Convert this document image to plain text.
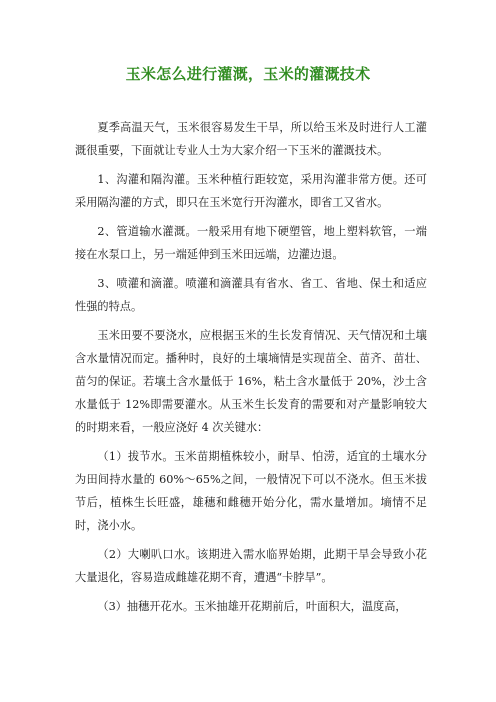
玉米怎么进行灌溉，玉米的灌溉技术

夏季高温天气，玉米很容易发生干旱，所以给玉米及时进行人工灌溉很重要，下面就让专业人士为大家介绍一下玉米的灌溉技术。

1、沟灌和隔沟灌。玉米种植行距较宽，采用沟灌非常方便。还可采用隔沟灌的方式，即只在玉米宽行开沟灌水，即省工又省水。

2、管道输水灌溉。一般采用有地下硬塑管，地上塑料软管，一端接在水泵口上，另一端延伸到玉米田远端，边灌边退。

3、喷灌和滴灌。喷灌和滴灌具有省水、省工、省地、保土和适应性强的特点。

玉米田要不要浇水，应根据玉米的生长发育情况、天气情况和土壤含水量情况而定。播种时，良好的土壤墒情是实现苗全、苗齐、苗壮、苗匀的保证。若壤土含水量低于 16%，粘土含水量低于 20%，沙土含水量低于 12%即需要灌水。从玉米生长发育的需要和对产量影响较大的时期来看，一般应浇好 4 次关键水：

（1）拔节水。玉米苗期植株较小，耐旱、怕涝，适宜的土壤水分为田间持水量的 60%～65%之间，一般情况下可以不浇水。但玉米拔节后，植株生长旺盛，雄穗和雌穗开始分化，需水量增加。墒情不足时，浇小水。

（2）大喇叭口水。该期进入需水临界始期，此期干旱会导致小花大量退化，容易造成雌雄花期不育，遭遇“卡脖旱”。

（3）抽穗开花水。玉米抽雄开花期前后，叶面积大，温度高，
